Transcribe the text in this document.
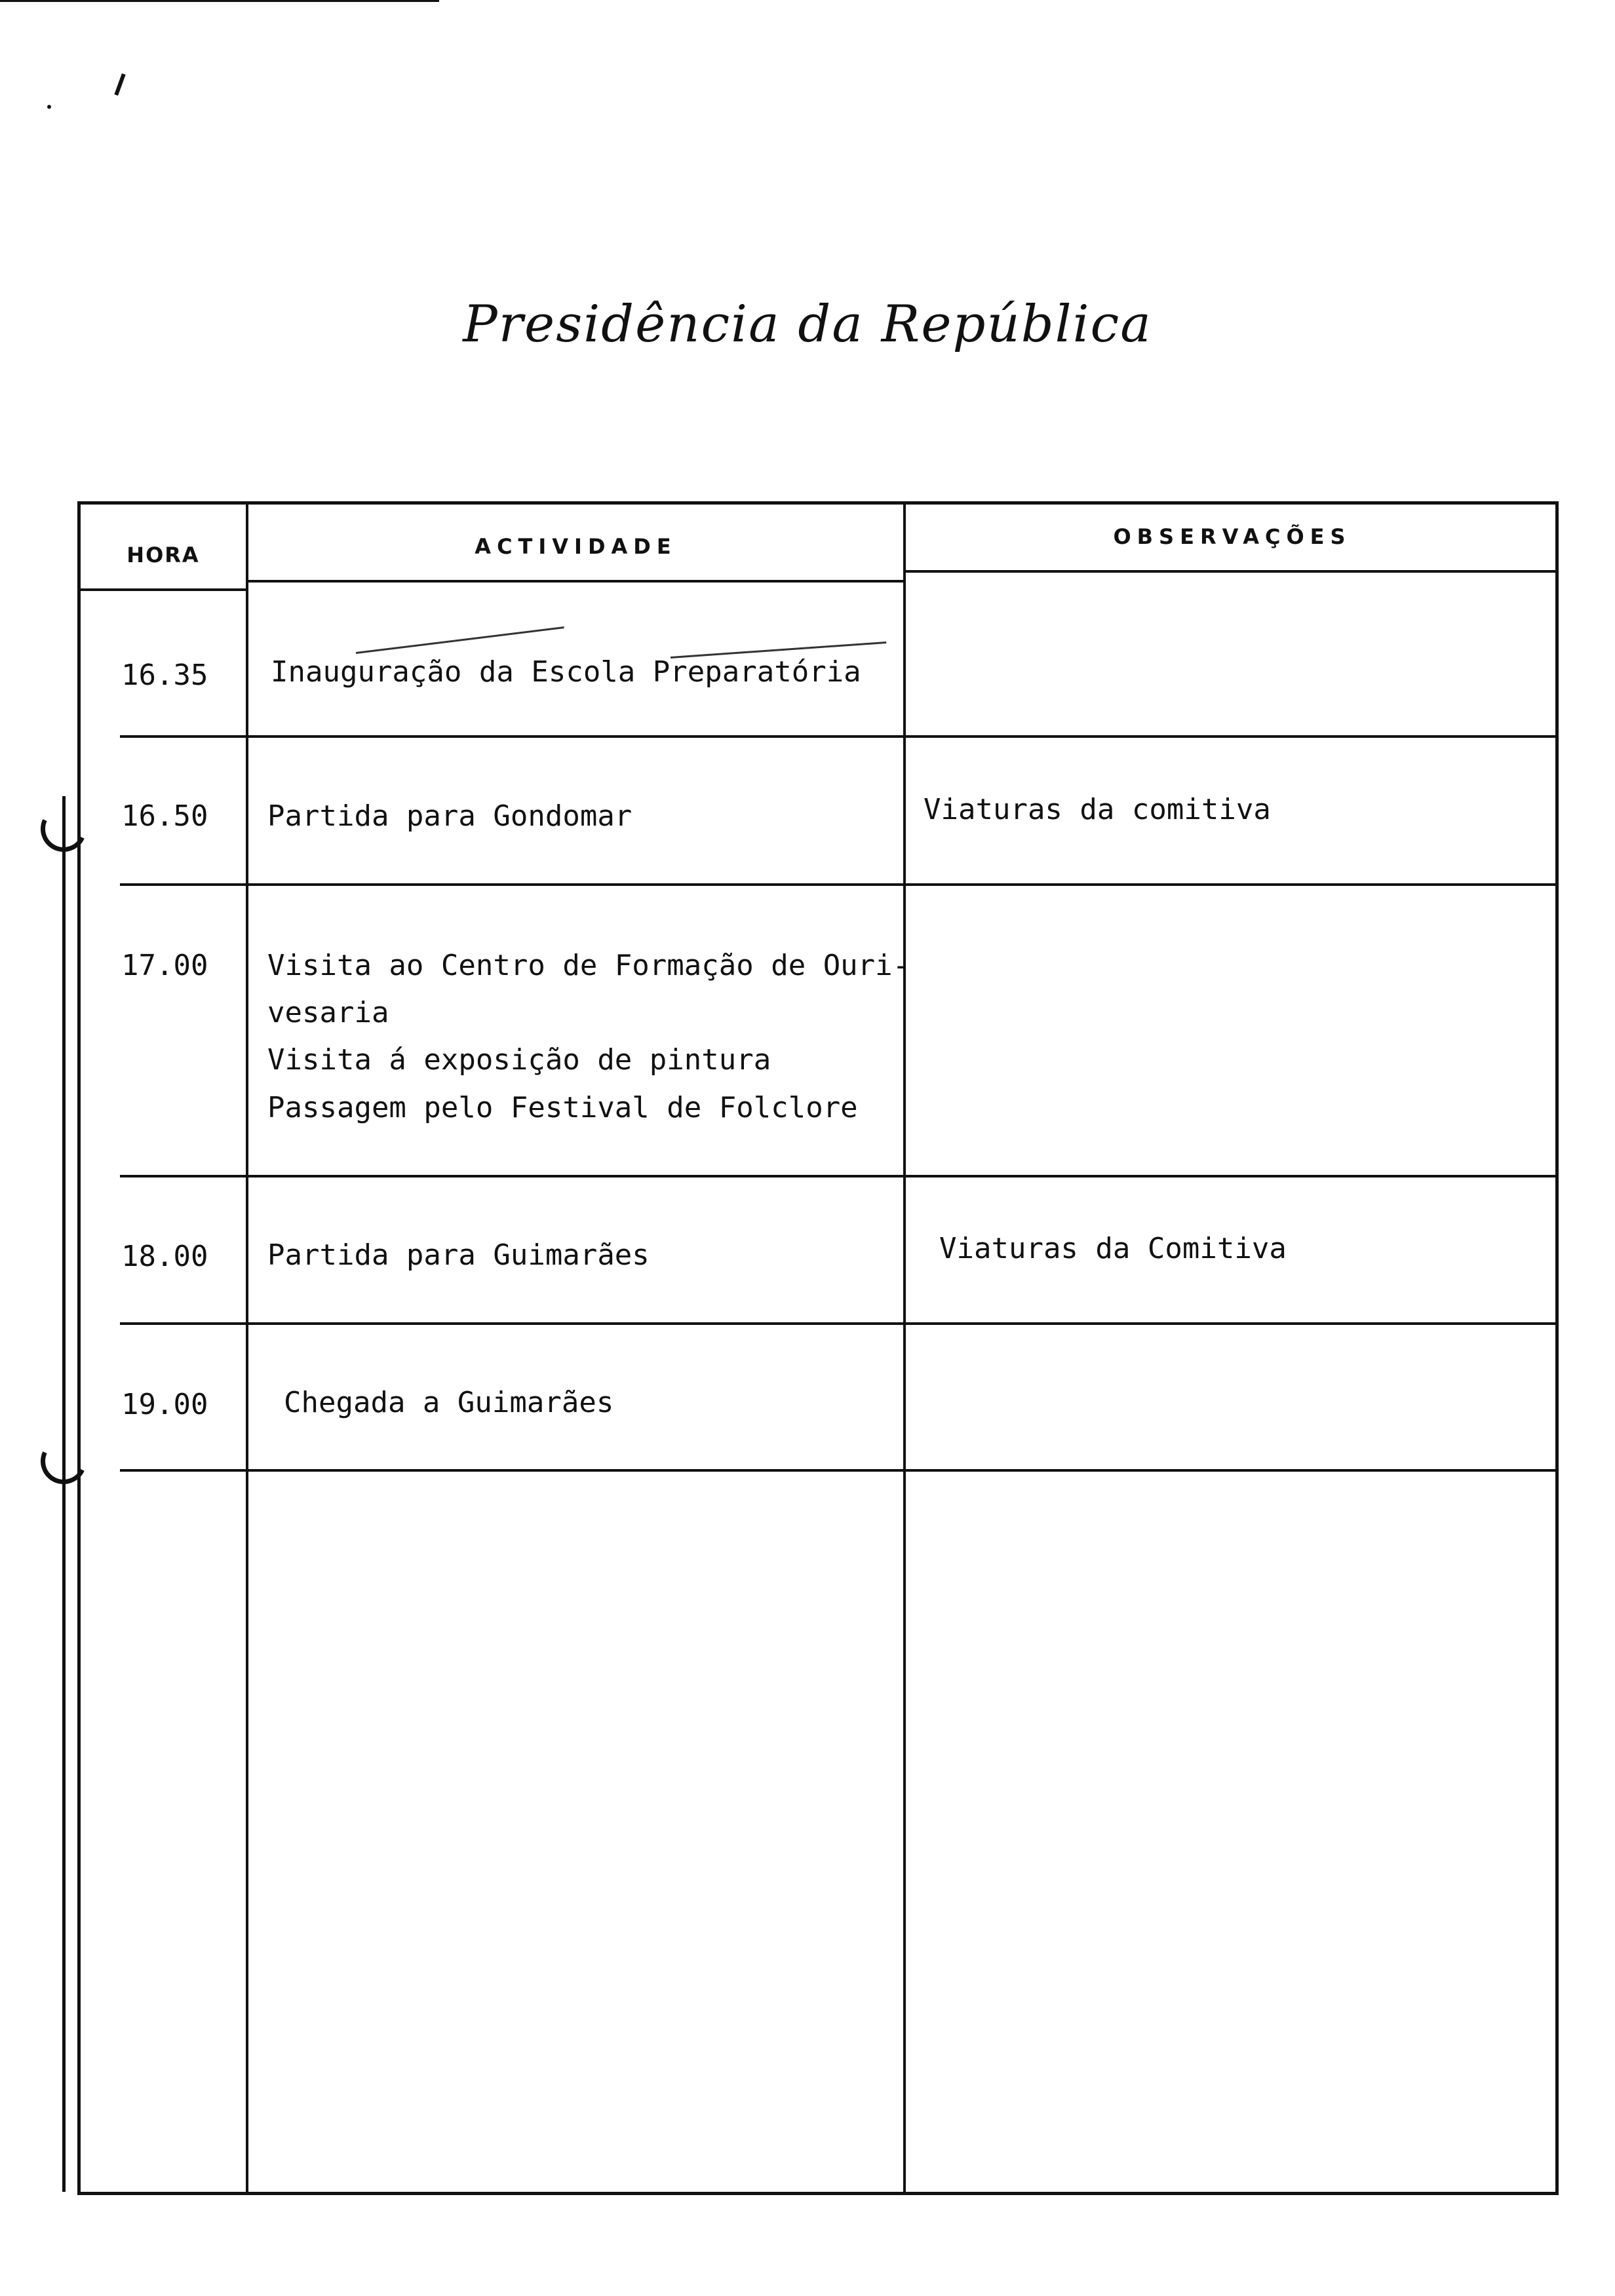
Presidência da República
HORA	ACTIVIDADE	OBSERVAÇÕES
16.35 Inauguração da Escola Preparatória
16.50 Partida para Gondomar	Viaturas da comitiva
17.00 Visita ao Centro de Formação de Ouri-
vesaria
Visita á exposição de pintura
Passagem pelo Festival de Folclore
18.00 Partida para Guimarães	Viaturas da Comitiva
19.00	Chegada a Guimarães
